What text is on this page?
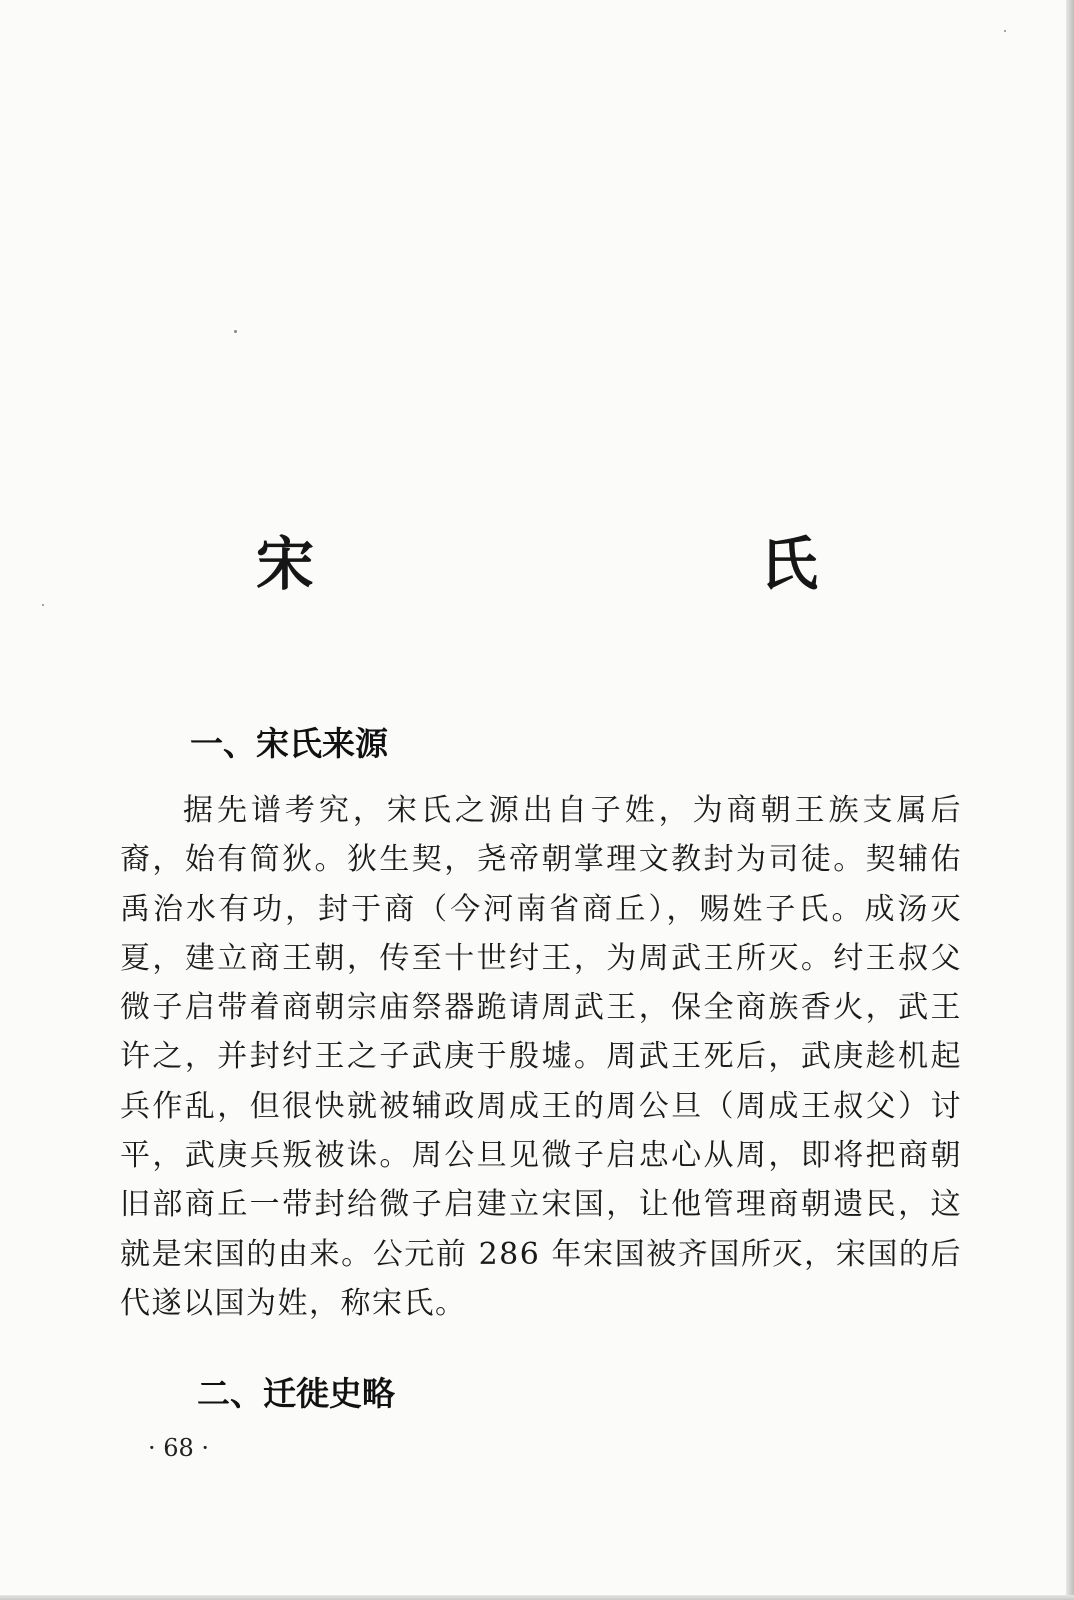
宋　　氏
一、宋氏来源

据先谱考究，宋氏之源出自子姓，为商朝王族支属后裔，始有简狄。狄生契，尧帝朝掌理文教封为司徒。契辅佑禹治水有功，封于商（今河南省商丘），赐姓子氏。成汤灭夏，建立商王朝，传至十世纣王，为周武王所灭。纣王叔父微子启带着商朝宗庙祭器跪请周武王，保全商族香火，武王许之，并封纣王之子武庚于殷墟。周武王死后，武庚趁机起兵作乱，但很快就被辅政周成王的周公旦（周成王叔父）讨平，武庚兵叛被诛。周公旦见微子启忠心从周，即将把商朝旧部商丘一带封给微子启建立宋国，让他管理商朝遗民，这就是宋国的由来。公元前 286 年宋国被齐国所灭，宋国的后代遂以国为姓，称宋氏。

二、迁徙史略
· 68 ·
